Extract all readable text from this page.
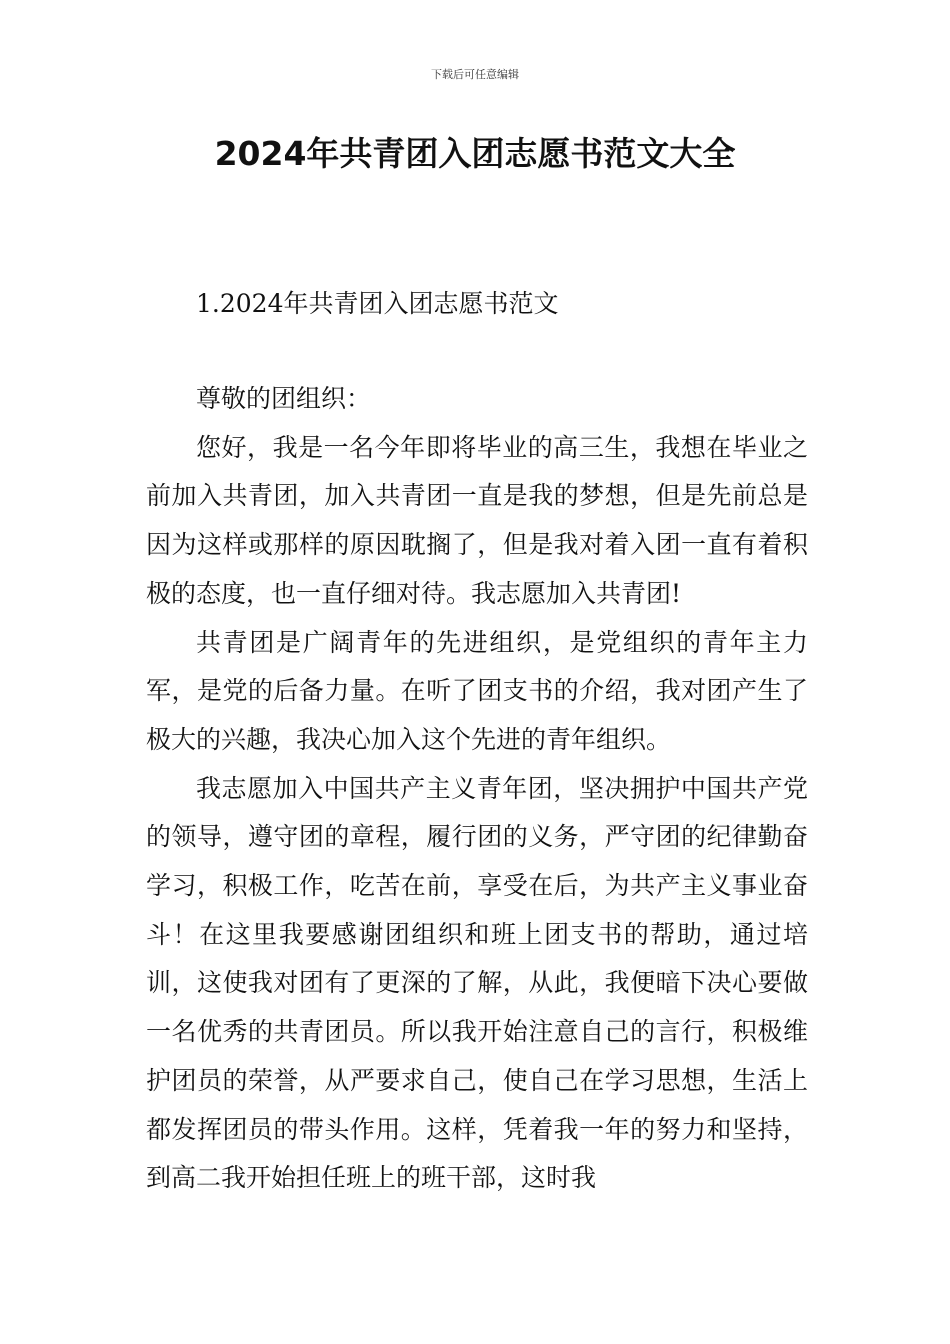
下载后可任意编辑
2024年共青团入团志愿书范文大全
1.2024年共青团入团志愿书范文

尊敬的团组织：

您好，我是一名今年即将毕业的高三生，我想在毕业之前加入共青团，加入共青团一直是我的梦想，但是先前总是因为这样或那样的原因耽搁了，但是我对着入团一直有着积极的态度，也一直仔细对待。我志愿加入共青团!

共青团是广阔青年的先进组织，是党组织的青年主力军，是党的后备力量。在听了团支书的介绍，我对团产生了极大的兴趣，我决心加入这个先进的青年组织。

我志愿加入中国共产主义青年团，坚决拥护中国共产党的领导，遵守团的章程，履行团的义务，严守团的纪律勤奋学习，积极工作，吃苦在前，享受在后，为共产主义事业奋斗！在这里我要感谢团组织和班上团支书的帮助，通过培训，这使我对团有了更深的了解，从此，我便暗下决心要做一名优秀的共青团员。所以我开始注意自己的言行，积极维护团员的荣誉，从严要求自己，使自己在学习思想，生活上都发挥团员的带头作用。这样，凭着我一年的努力和坚持，到高二我开始担任班上的班干部，这时我
